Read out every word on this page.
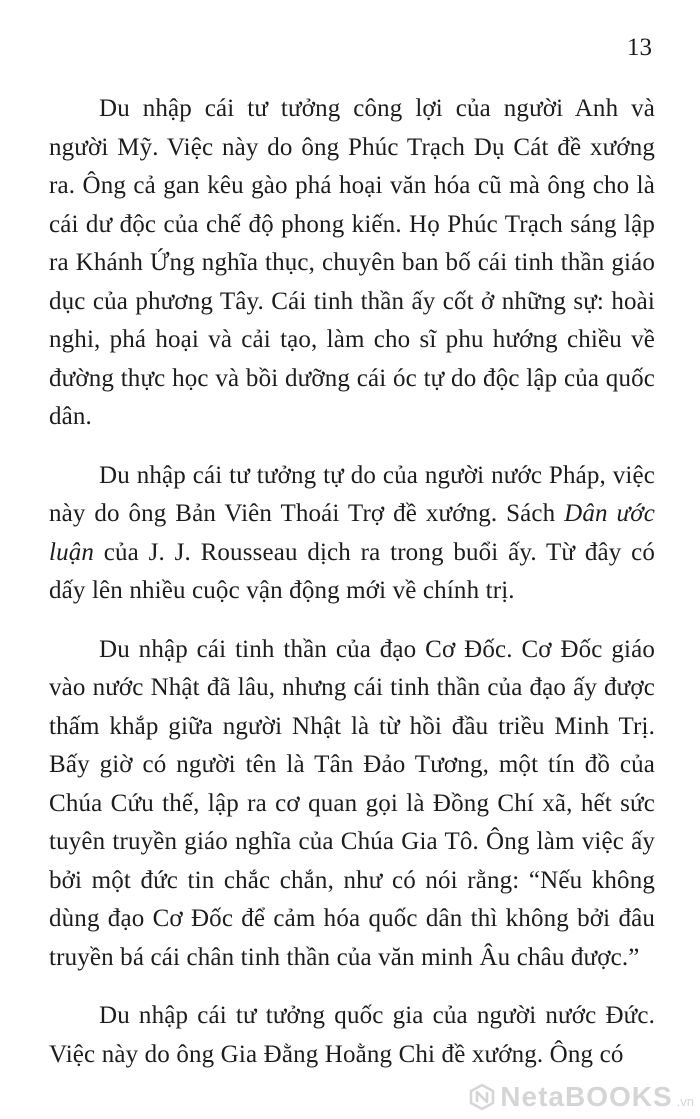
13

Du nhập cái tư tưởng công lợi của người Anh và người Mỹ. Việc này do ông Phúc Trạch Dụ Cát đề xướng ra. Ông cả gan kêu gào phá hoại văn hóa cũ mà ông cho là cái dư độc của chế độ phong kiến. Họ Phúc Trạch sáng lập ra Khánh Ứng nghĩa thục, chuyên ban bố cái tinh thần giáo dục của phương Tây. Cái tinh thần ấy cốt ở những sự: hoài nghi, phá hoại và cải tạo, làm cho sĩ phu hướng chiều về đường thực học và bồi dưỡng cái óc tự do độc lập của quốc dân.

Du nhập cái tư tưởng tự do của người nước Pháp, việc này do ông Bản Viên Thoái Trợ đề xướng. Sách Dân ước luận của J. J. Rousseau dịch ra trong buổi ấy. Từ đây có dấy lên nhiều cuộc vận động mới về chính trị.

Du nhập cái tinh thần của đạo Cơ Đốc. Cơ Đốc giáo vào nước Nhật đã lâu, nhưng cái tinh thần của đạo ấy được thấm khắp giữa người Nhật là từ hồi đầu triều Minh Trị. Bấy giờ có người tên là Tân Đảo Tương, một tín đồ của Chúa Cứu thế, lập ra cơ quan gọi là Đồng Chí xã, hết sức tuyên truyền giáo nghĩa của Chúa Gia Tô. Ông làm việc ấy bởi một đức tin chắc chắn, như có nói rằng: “Nếu không dùng đạo Cơ Đốc để cảm hóa quốc dân thì không bởi đâu truyền bá cái chân tinh thần của văn minh Âu châu được.”

Du nhập cái tư tưởng quốc gia của người nước Đức. Việc này do ông Gia Đằng Hoằng Chi đề xướng. Ông có

NetaBOOKS .vn
